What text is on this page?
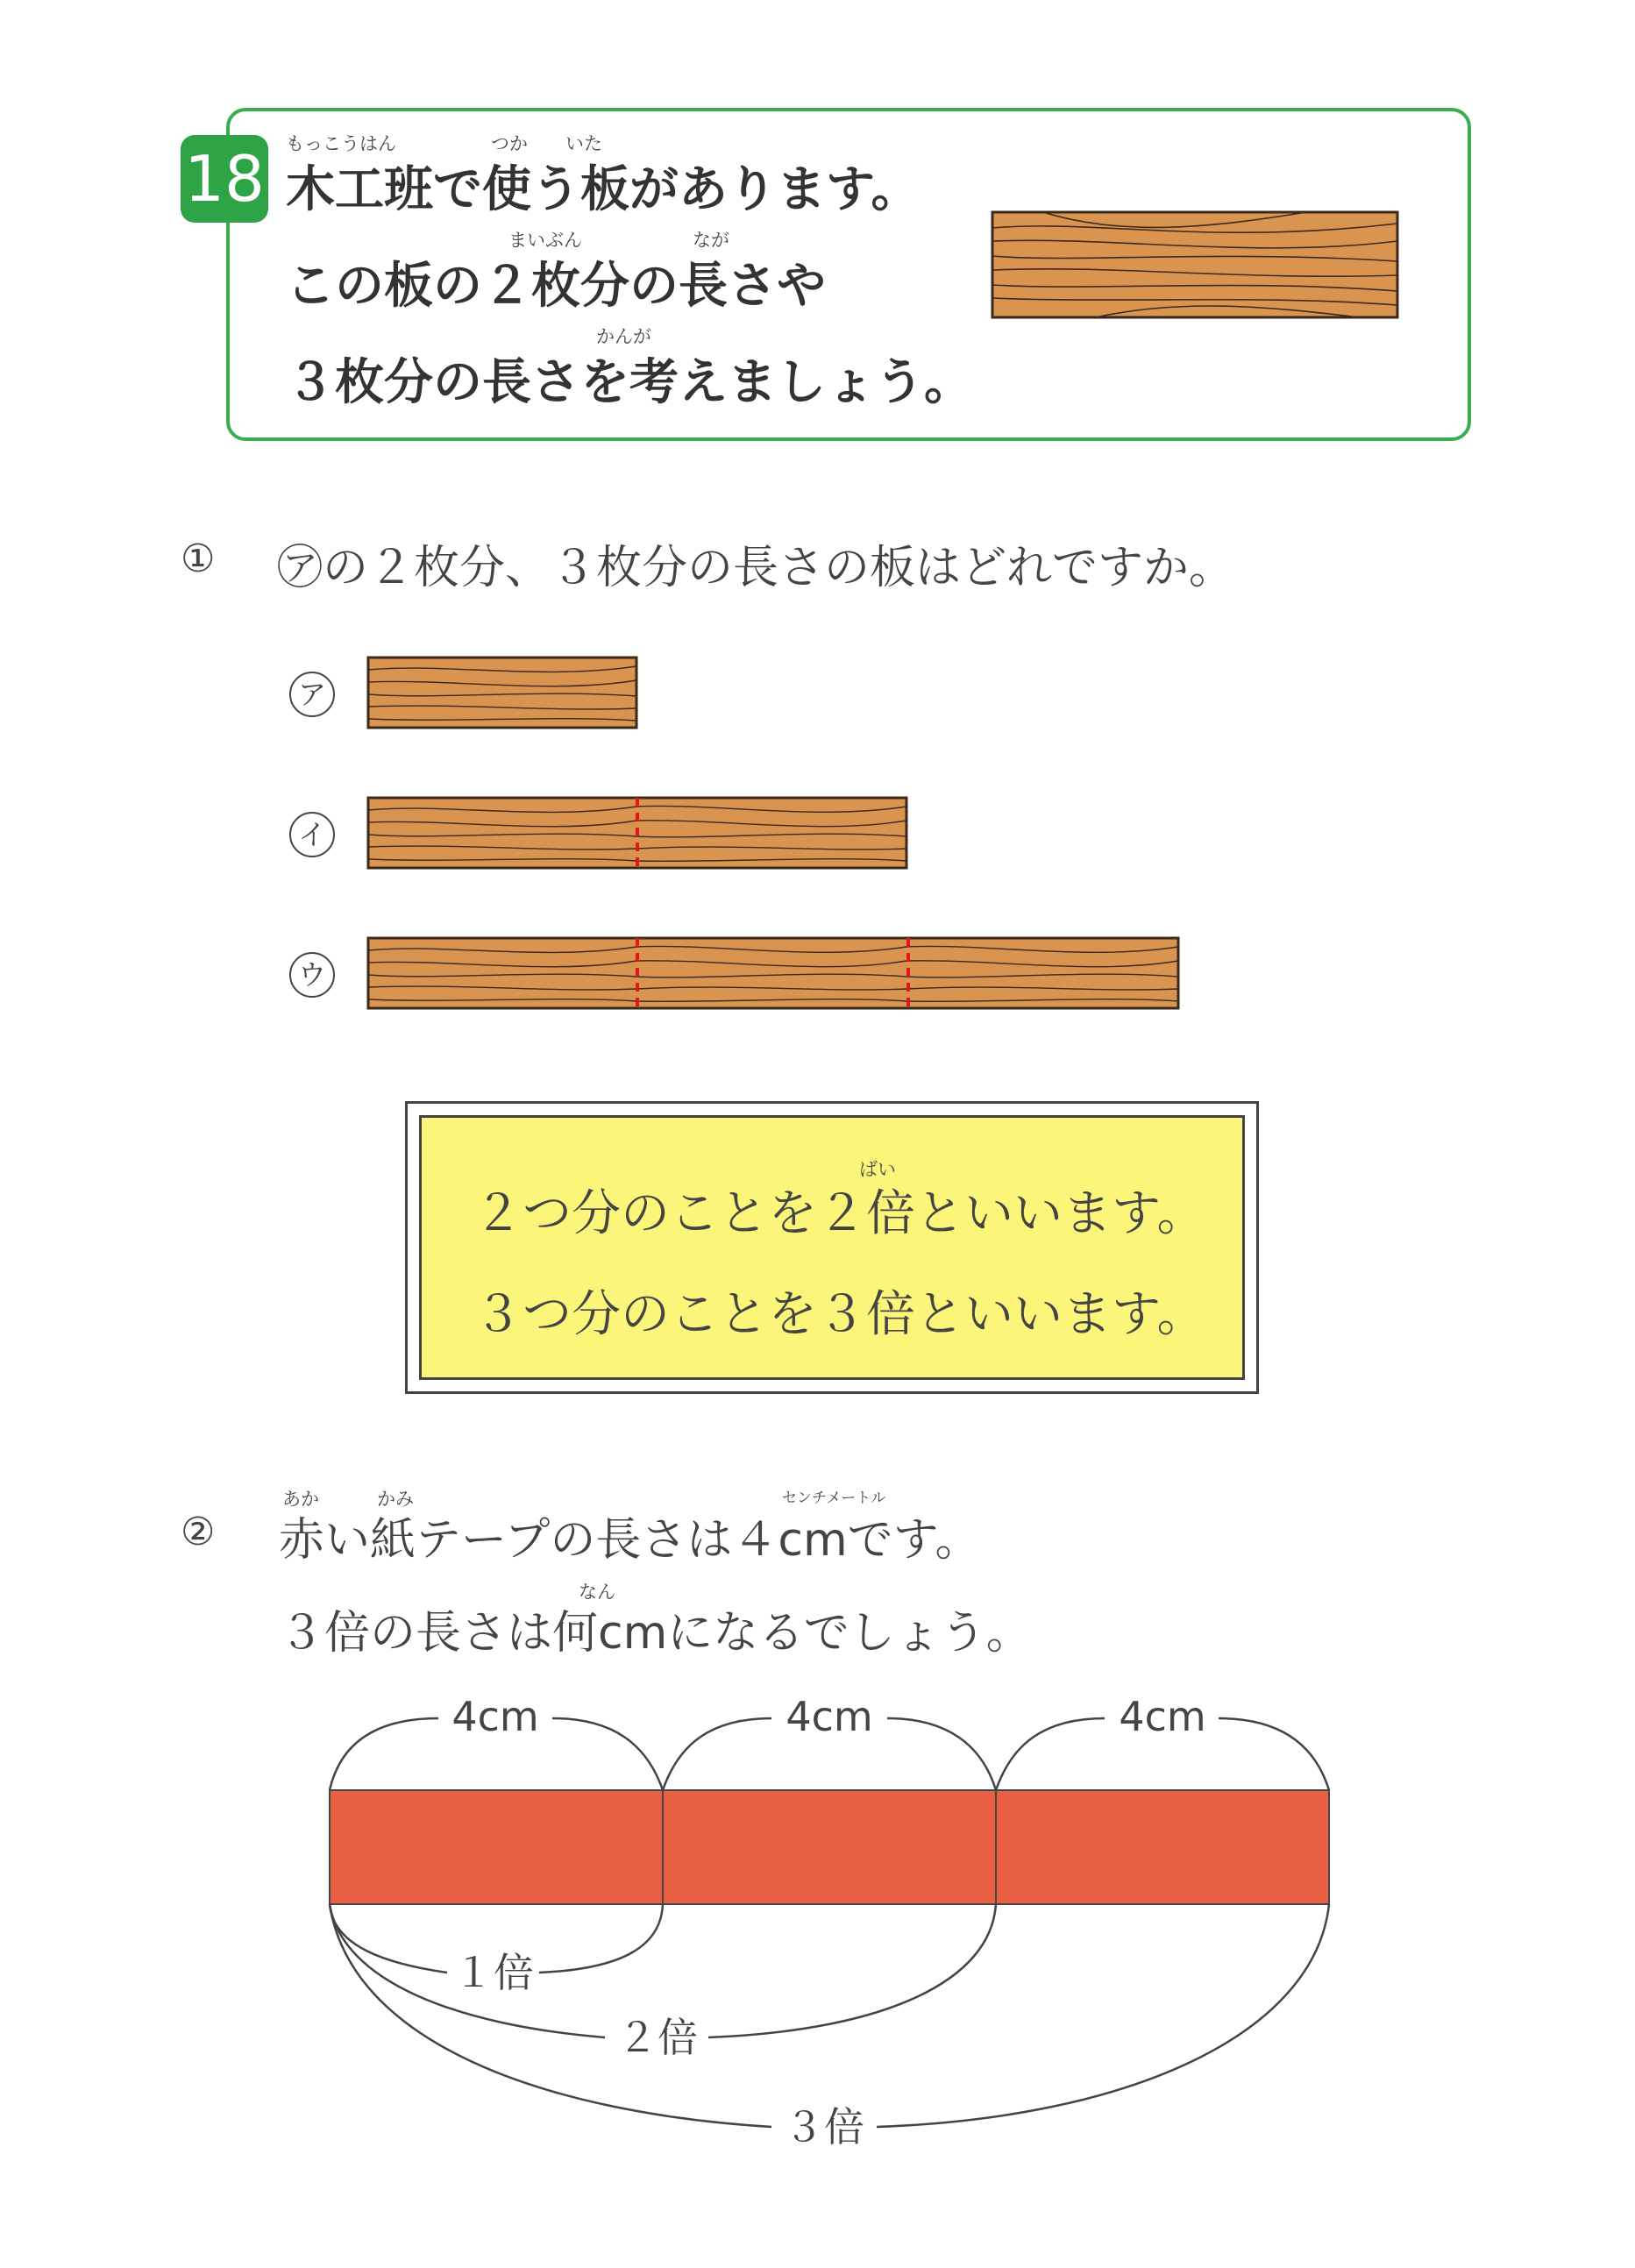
18 もっこうはん	つか いた
木工班で使う板があります。
まいぶん	なが
この板の２枚分の長さや
かんが
３枚分の長さを考えましょう。
① ㋐の２枚分、３枚分の長さの板はどれですか。
ア
イ
ウ
ばい
２つ分のことを２倍といいます。
３つ分のことを３倍といいます。
あか	かみ	センチメートル
② 赤い紙テープの長さは４cmです。
なん
３倍の長さは何cmになるでしょう。
4cm	4cm	4cm
１倍
２倍
３倍
